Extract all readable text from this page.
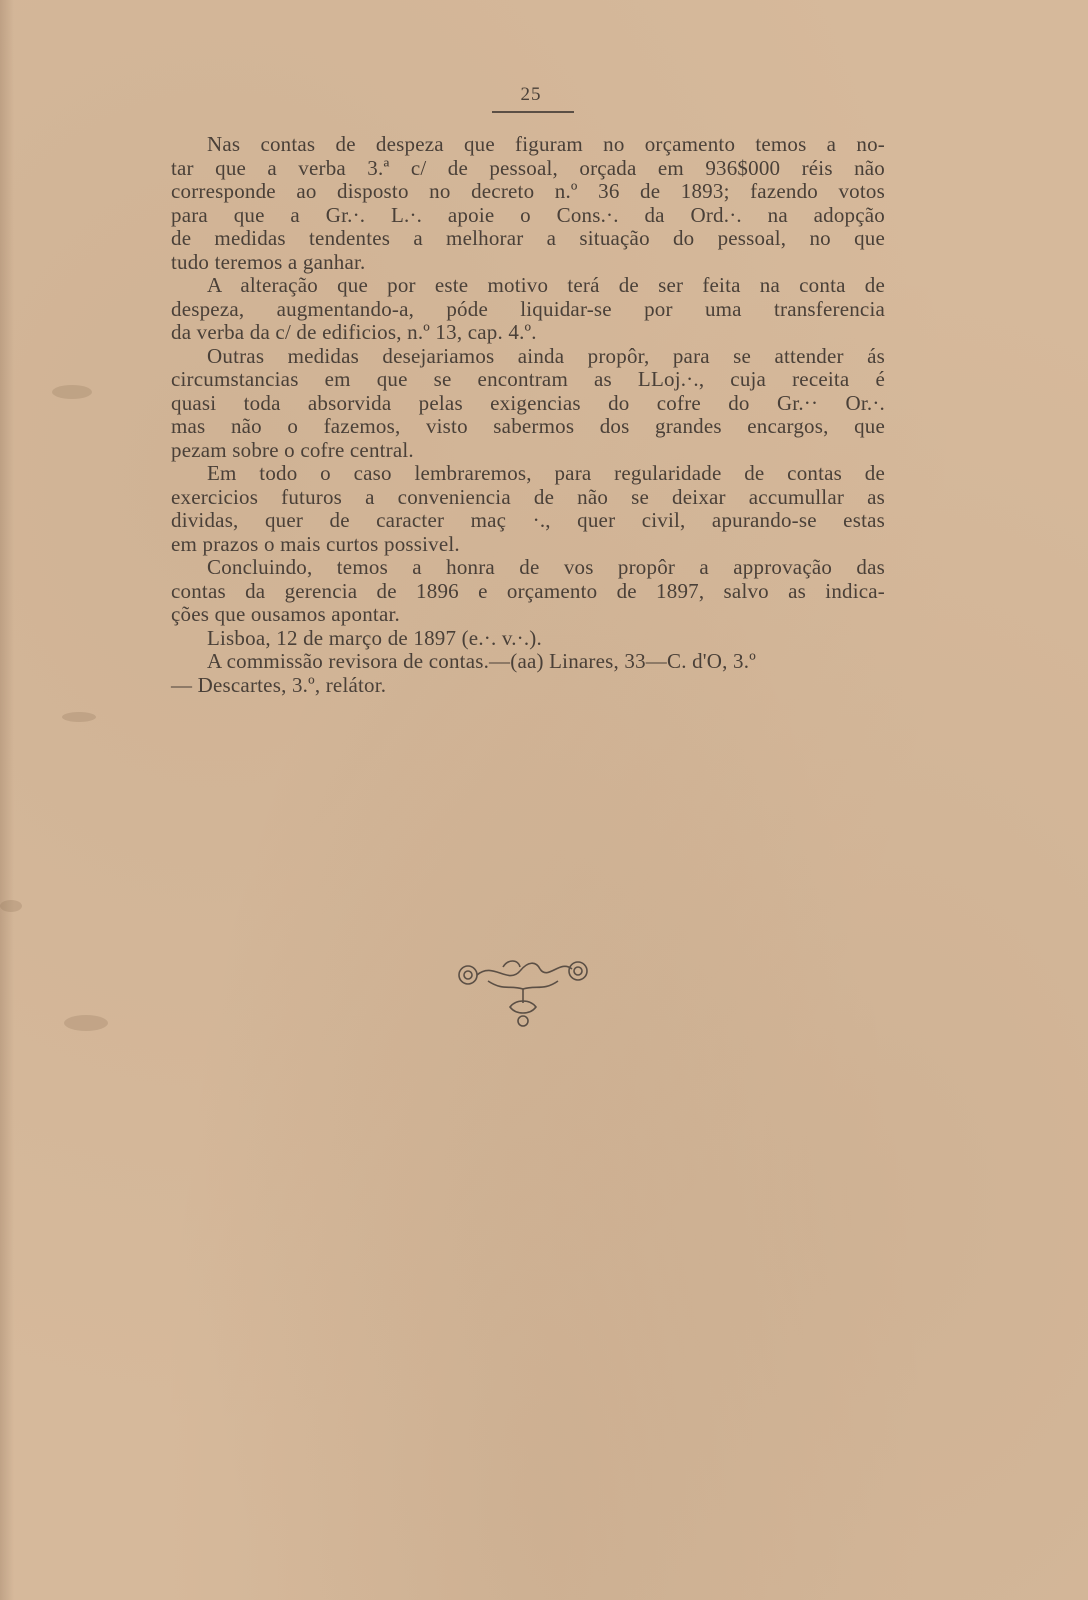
25
Nas contas de despeza que figuram no orçamento temos a no-
tar que a verba 3.ª c/ de pessoal, orçada em 936$000 réis não
corresponde ao disposto no decreto n.º 36 de 1893; fazendo votos
para que a Gr.·. L.·. apoie o Cons.·. da Ord.·. na adopção
de medidas tendentes a melhorar a situação do pessoal, no que
tudo teremos a ganhar.
A alteração que por este motivo terá de ser feita na conta de
despeza, augmentando-a, póde liquidar-se por uma transferencia
da verba da c/ de edificios, n.º 13, cap. 4.º.
Outras medidas desejariamos ainda propôr, para se attender ás
circumstancias em que se encontram as LLoj.·., cuja receita é
quasi toda absorvida pelas exigencias do cofre do Gr.·· Or.·.
mas não o fazemos, visto sabermos dos grandes encargos, que
pezam sobre o cofre central.
Em todo o caso lembraremos, para regularidade de contas de
exercicios futuros a conveniencia de não se deixar accumullar as
dividas, quer de caracter maç ·., quer civil, apurando-se estas
em prazos o mais curtos possivel.
Concluindo, temos a honra de vos propôr a approvação das
contas da gerencia de 1896 e orçamento de 1897, salvo as indica-
ções que ousamos apontar.
Lisboa, 12 de março de 1897 (e.·. v.·.).
A commissão revisora de contas.—(aa) Linares, 33—C. d'O, 3.º
— Descartes, 3.º, relátor.
